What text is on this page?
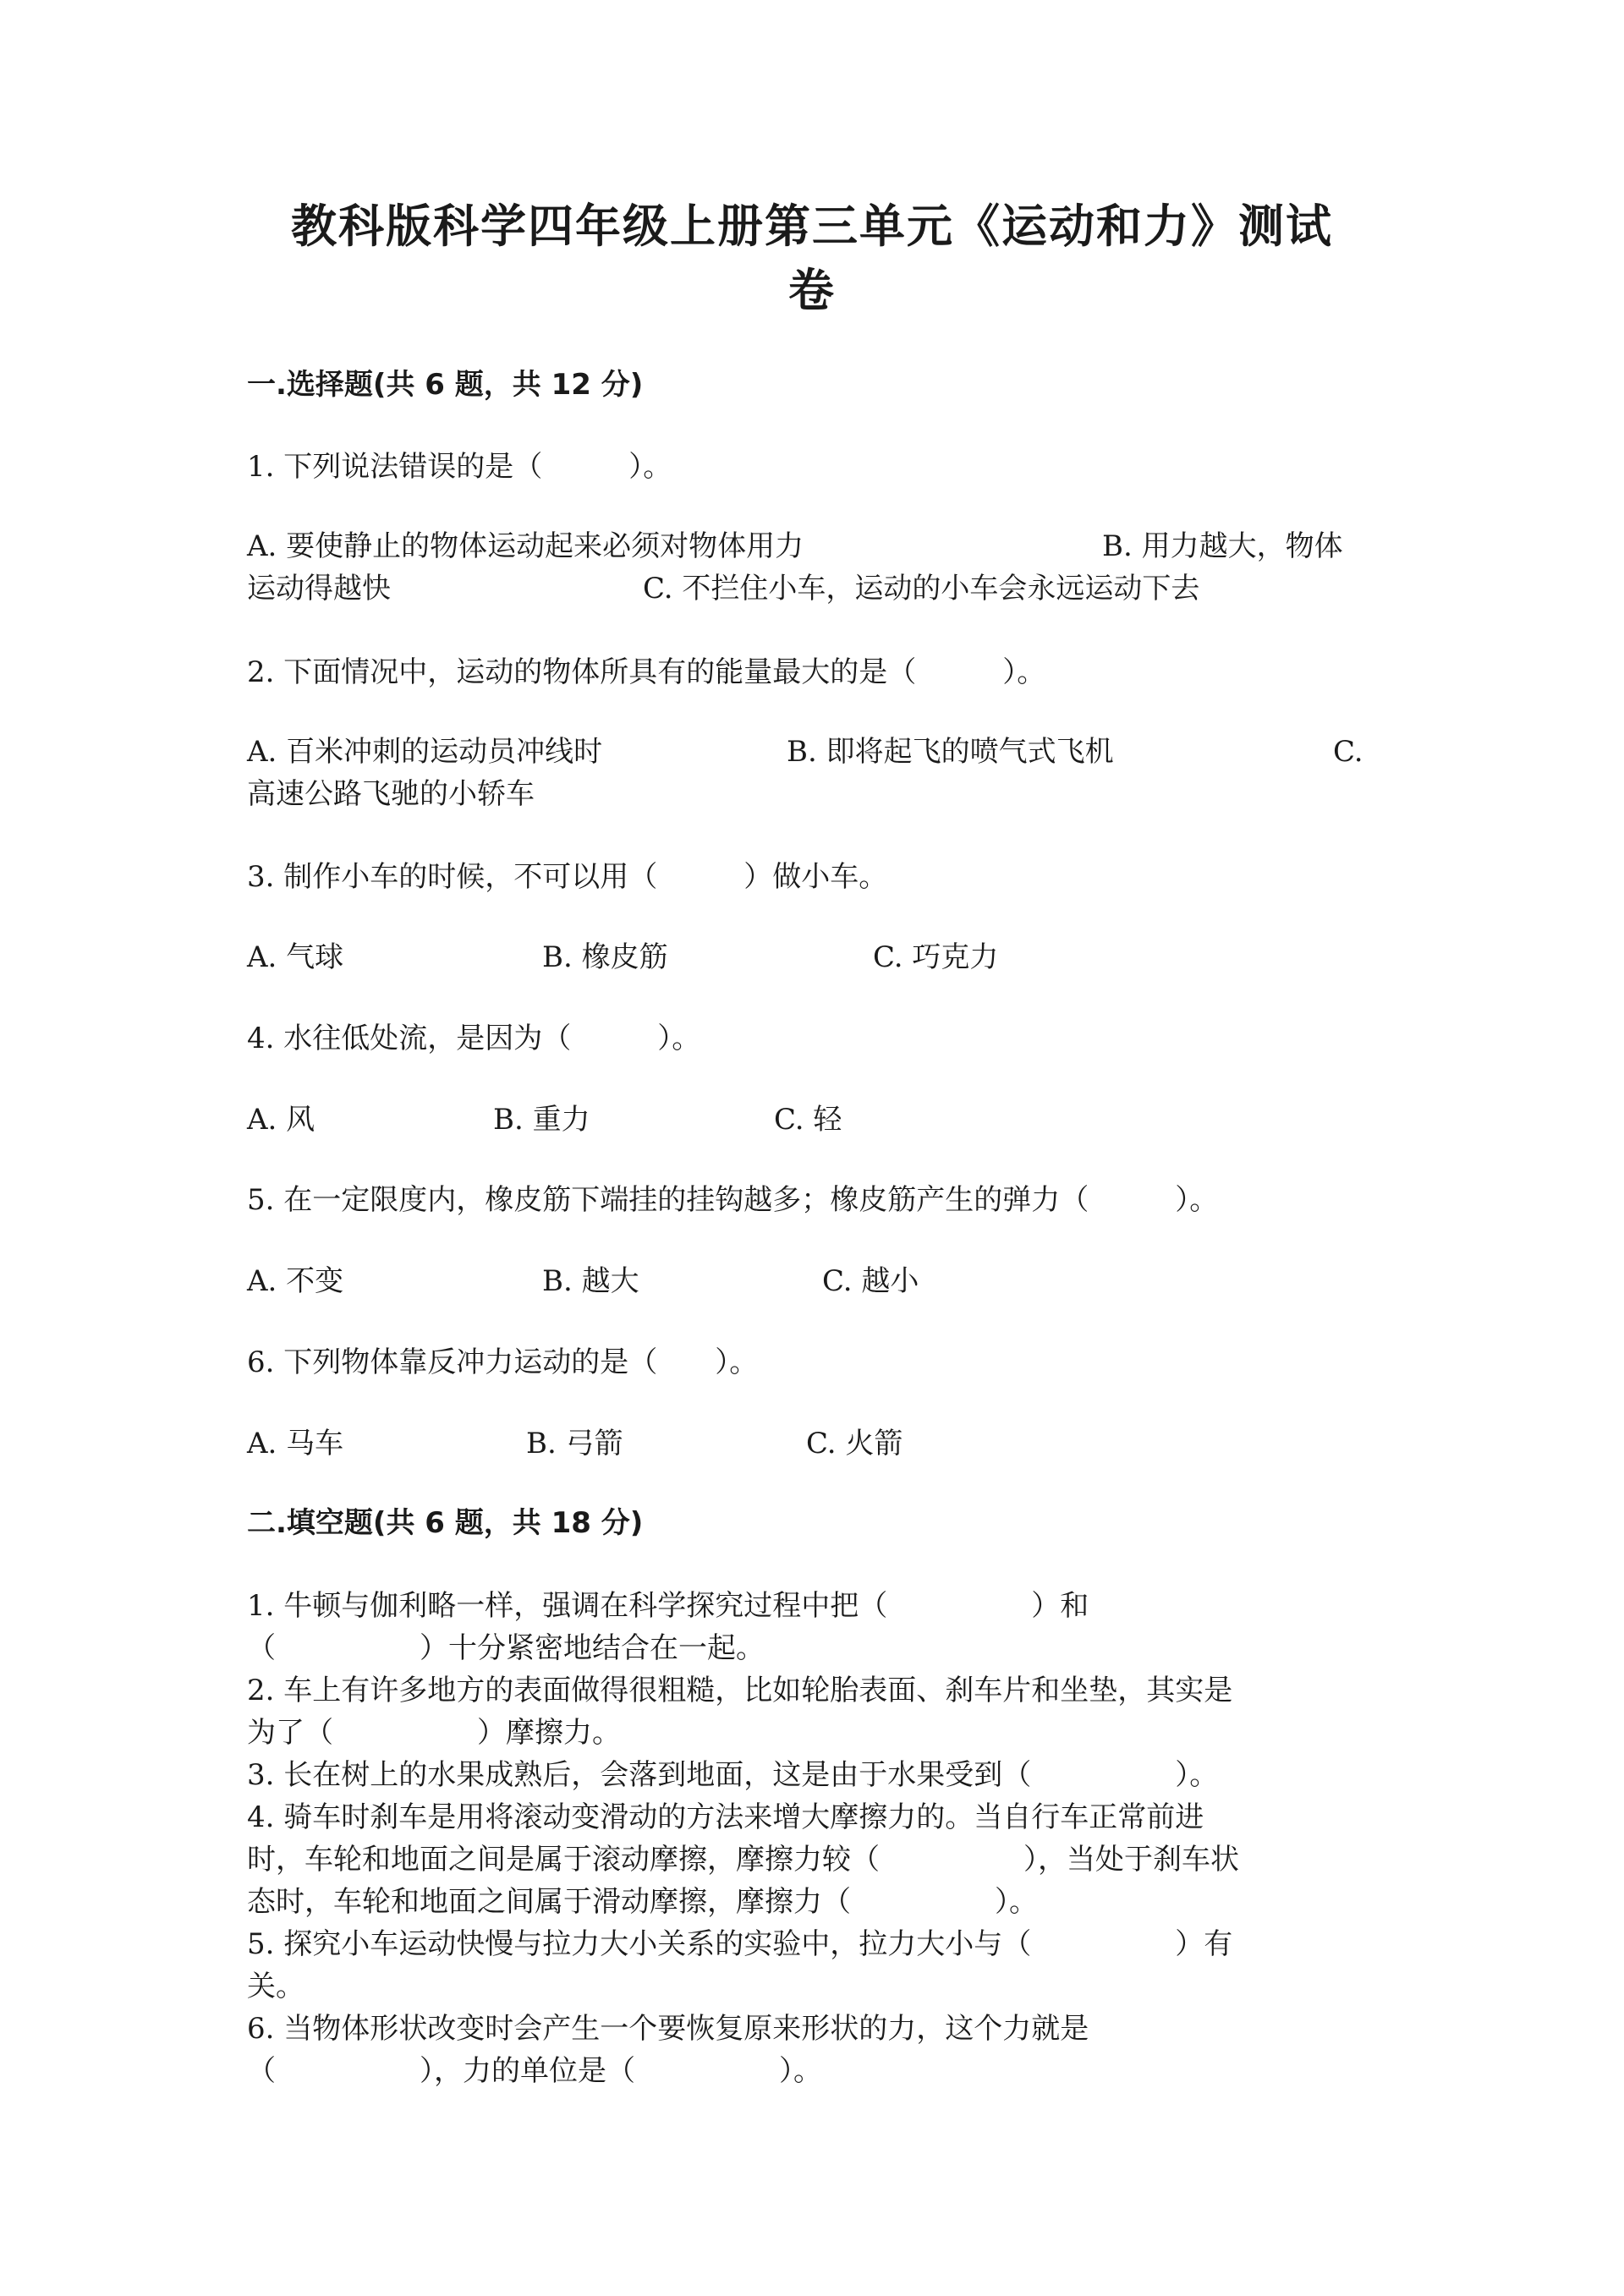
教科版科学四年级上册第三单元《运动和力》测试
卷
一.选择题(共 6 题，共 12 分)
1. 下列说法错误的是（　　　）。
A. 要使静止的物体运动起来必须对物体用力	B. 用力越大，物体
运动得越快	C. 不拦住小车，运动的小车会永远运动下去
2. 下面情况中，运动的物体所具有的能量最大的是（　　　）。
A. 百米冲刺的运动员冲线时	B. 即将起飞的喷气式飞机	C.
高速公路飞驰的小轿车
3. 制作小车的时候，不可以用（　　　）做小车。
A. 气球	B. 橡皮筋	C. 巧克力
4. 水往低处流，是因为（　　　）。
A. 风	B. 重力	C. 轻
5. 在一定限度内，橡皮筋下端挂的挂钩越多；橡皮筋产生的弹力（　　　）。
A. 不变	B. 越大	C. 越小
6. 下列物体靠反冲力运动的是（　　）。
A. 马车	B. 弓箭	C. 火箭
二.填空题(共 6 题，共 18 分)
1. 牛顿与伽利略一样，强调在科学探究过程中把（　　　　　）和
（　　　　　）十分紧密地结合在一起。
2. 车上有许多地方的表面做得很粗糙，比如轮胎表面、刹车片和坐垫，其实是
为了（　　　　　）摩擦力。
3. 长在树上的水果成熟后，会落到地面，这是由于水果受到（　　　　　）。
4. 骑车时刹车是用将滚动变滑动的方法来增大摩擦力的。当自行车正常前进
时，车轮和地面之间是属于滚动摩擦，摩擦力较（　　　　　），当处于刹车状
态时，车轮和地面之间属于滑动摩擦，摩擦力（　　　　　）。
5. 探究小车运动快慢与拉力大小关系的实验中，拉力大小与（　　　　　）有
关。
6. 当物体形状改变时会产生一个要恢复原来形状的力，这个力就是
（　　　　　），力的单位是（　　　　　）。
